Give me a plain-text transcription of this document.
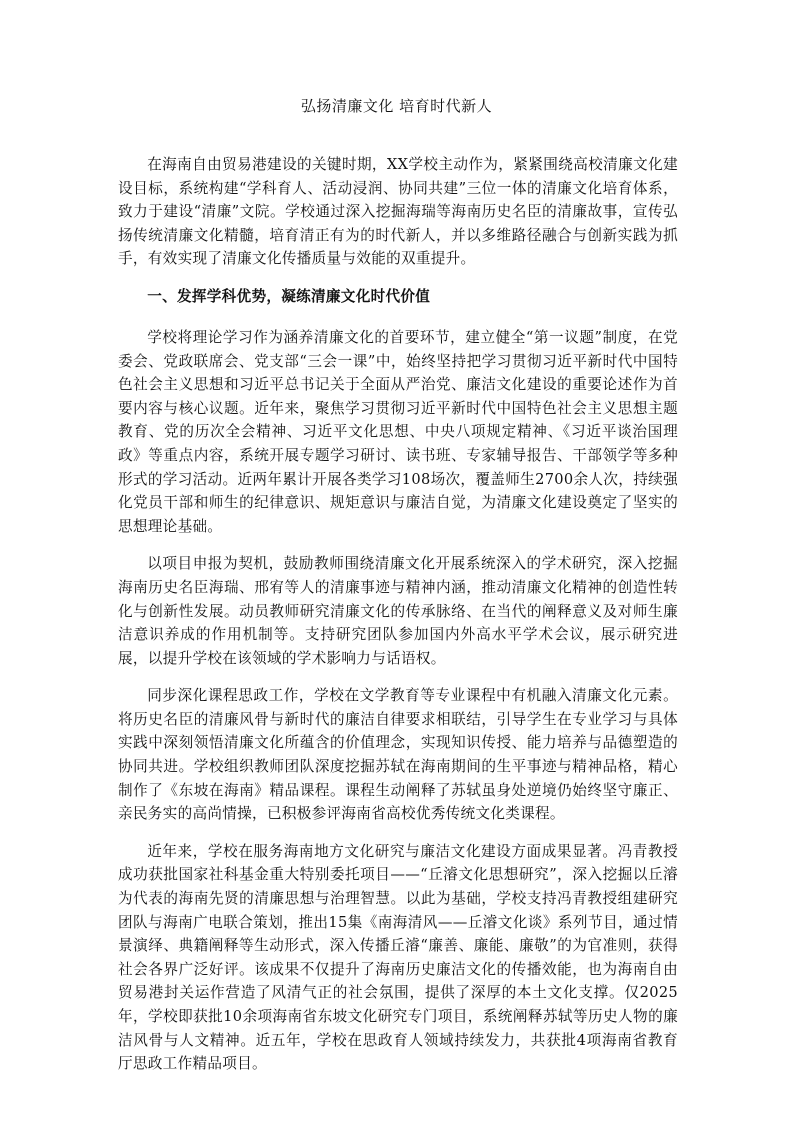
弘扬清廉文化 培育时代新人

在海南自由贸易港建设的关键时期，XX学校主动作为，紧紧围绕高校清廉文化建设目标，系统构建“学科育人、活动浸润、协同共建”三位一体的清廉文化培育体系，致力于建设“清廉”文院。学校通过深入挖掘海瑞等海南历史名臣的清廉故事，宣传弘扬传统清廉文化精髓，培育清正有为的时代新人，并以多维路径融合与创新实践为抓手，有效实现了清廉文化传播质量与效能的双重提升。

一、发挥学科优势，凝练清廉文化时代价值

学校将理论学习作为涵养清廉文化的首要环节，建立健全“第一议题”制度，在党委会、党政联席会、党支部“三会一课”中，始终坚持把学习贯彻习近平新时代中国特色社会主义思想和习近平总书记关于全面从严治党、廉洁文化建设的重要论述作为首要内容与核心议题。近年来，聚焦学习贯彻习近平新时代中国特色社会主义思想主题教育、党的历次全会精神、习近平文化思想、中央八项规定精神、《习近平谈治国理政》等重点内容，系统开展专题学习研讨、读书班、专家辅导报告、干部领学等多种形式的学习活动。近两年累计开展各类学习108场次，覆盖师生2700余人次，持续强化党员干部和师生的纪律意识、规矩意识与廉洁自觉，为清廉文化建设奠定了坚实的思想理论基础。

以项目申报为契机，鼓励教师围绕清廉文化开展系统深入的学术研究，深入挖掘海南历史名臣海瑞、邢宥等人的清廉事迹与精神内涵，推动清廉文化精神的创造性转化与创新性发展。动员教师研究清廉文化的传承脉络、在当代的阐释意义及对师生廉洁意识养成的作用机制等。支持研究团队参加国内外高水平学术会议，展示研究进展，以提升学校在该领域的学术影响力与话语权。

同步深化课程思政工作，学校在文学教育等专业课程中有机融入清廉文化元素。将历史名臣的清廉风骨与新时代的廉洁自律要求相联结，引导学生在专业学习与具体实践中深刻领悟清廉文化所蕴含的价值理念，实现知识传授、能力培养与品德塑造的协同共进。学校组织教师团队深度挖掘苏轼在海南期间的生平事迹与精神品格，精心制作了《东坡在海南》精品课程。课程生动阐释了苏轼虽身处逆境仍始终坚守廉正、亲民务实的高尚情操，已积极参评海南省高校优秀传统文化类课程。

近年来，学校在服务海南地方文化研究与廉洁文化建设方面成果显著。冯青教授成功获批国家社科基金重大特别委托项目——“丘濬文化思想研究”，深入挖掘以丘濬为代表的海南先贤的清廉思想与治理智慧。以此为基础，学校支持冯青教授组建研究团队与海南广电联合策划，推出15集《南海清风——丘濬文化谈》系列节目，通过情景演绎、典籍阐释等生动形式，深入传播丘濬“廉善、廉能、廉敬”的为官准则，获得社会各界广泛好评。该成果不仅提升了海南历史廉洁文化的传播效能，也为海南自由贸易港封关运作营造了风清气正的社会氛围，提供了深厚的本土文化支撑。仅2025年，学校即获批10余项海南省东坡文化研究专门项目，系统阐释苏轼等历史人物的廉洁风骨与人文精神。近五年，学校在思政育人领域持续发力，共获批4项海南省教育厅思政工作精品项目。
